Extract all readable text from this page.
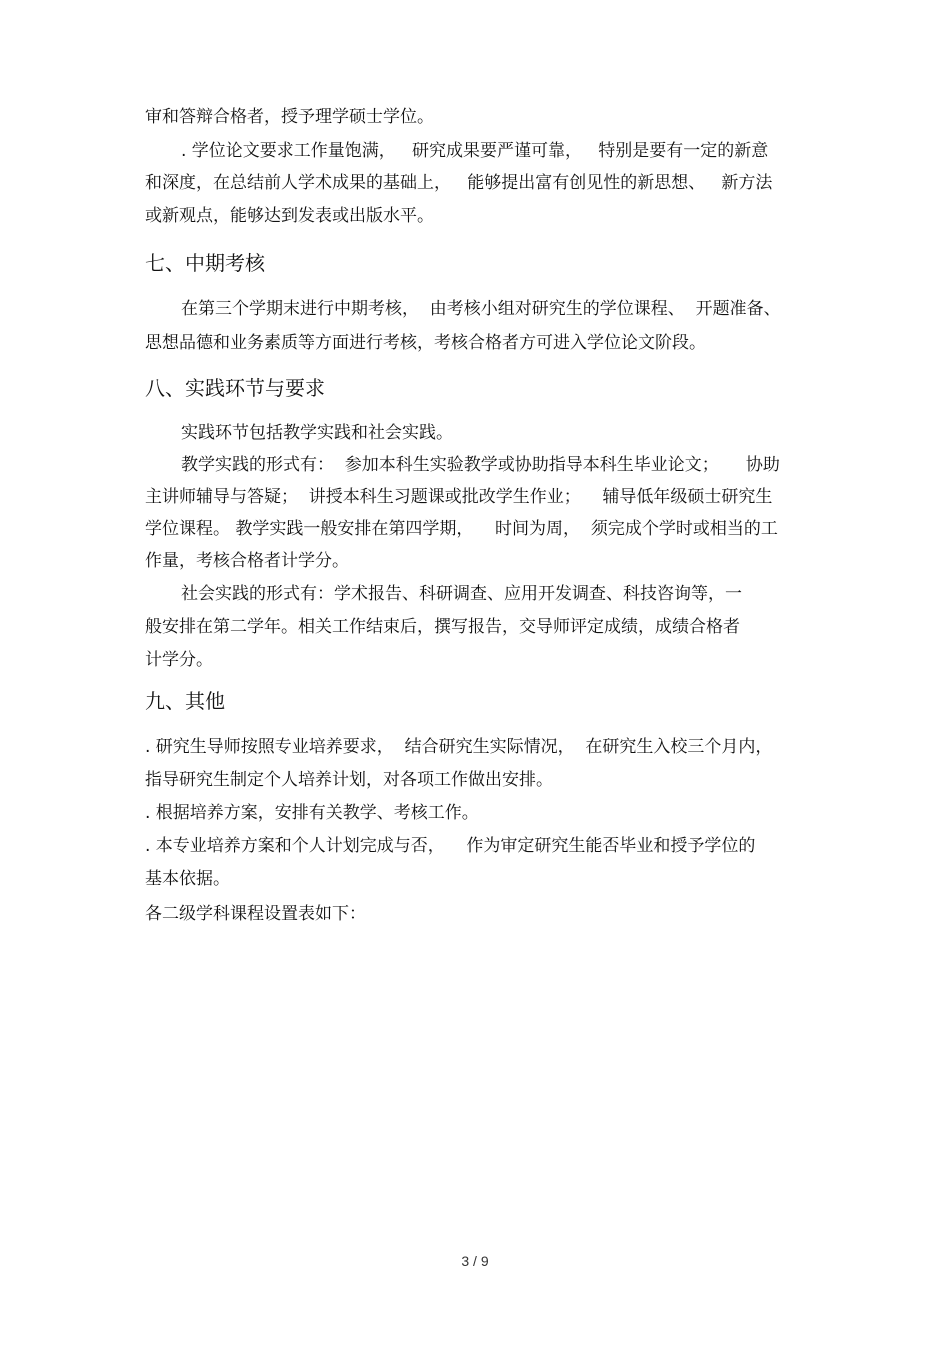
审和答辩合格者，授予理学硕士学位。
. 学位论文要求工作量饱满，   研究成果要严谨可靠，   特别是要有一定的新意
和深度，在总结前人学术成果的基础上，   能够提出富有创见性的新思想、   新方法
或新观点，能够达到发表或出版水平。
七、中期考核
在第三个学期末进行中期考核，  由考核小组对研究生的学位课程、  开题准备、
思想品德和业务素质等方面进行考核，考核合格者方可进入学位论文阶段。
八、实践环节与要求
实践环节包括教学实践和社会实践。
教学实践的形式有：  参加本科生实验教学或协助指导本科生毕业论文；     协助
主讲师辅导与答疑；  讲授本科生习题课或批改学生作业；    辅导低年级硕士研究生
学位课程。 教学实践一般安排在第四学期，    时间为周，  须完成个学时或相当的工
作量，考核合格者计学分。
社会实践的形式有：学术报告、科研调查、应用开发调查、科技咨询等，一
般安排在第二学年。相关工作结束后，撰写报告，交导师评定成绩，成绩合格者
计学分。
九、其他
. 研究生导师按照专业培养要求，  结合研究生实际情况，  在研究生入校三个月内，
指导研究生制定个人培养计划，对各项工作做出安排。
. 根据培养方案，安排有关教学、考核工作。
. 本专业培养方案和个人计划完成与否，    作为审定研究生能否毕业和授予学位的
基本依据。
各二级学科课程设置表如下：
3 / 9
